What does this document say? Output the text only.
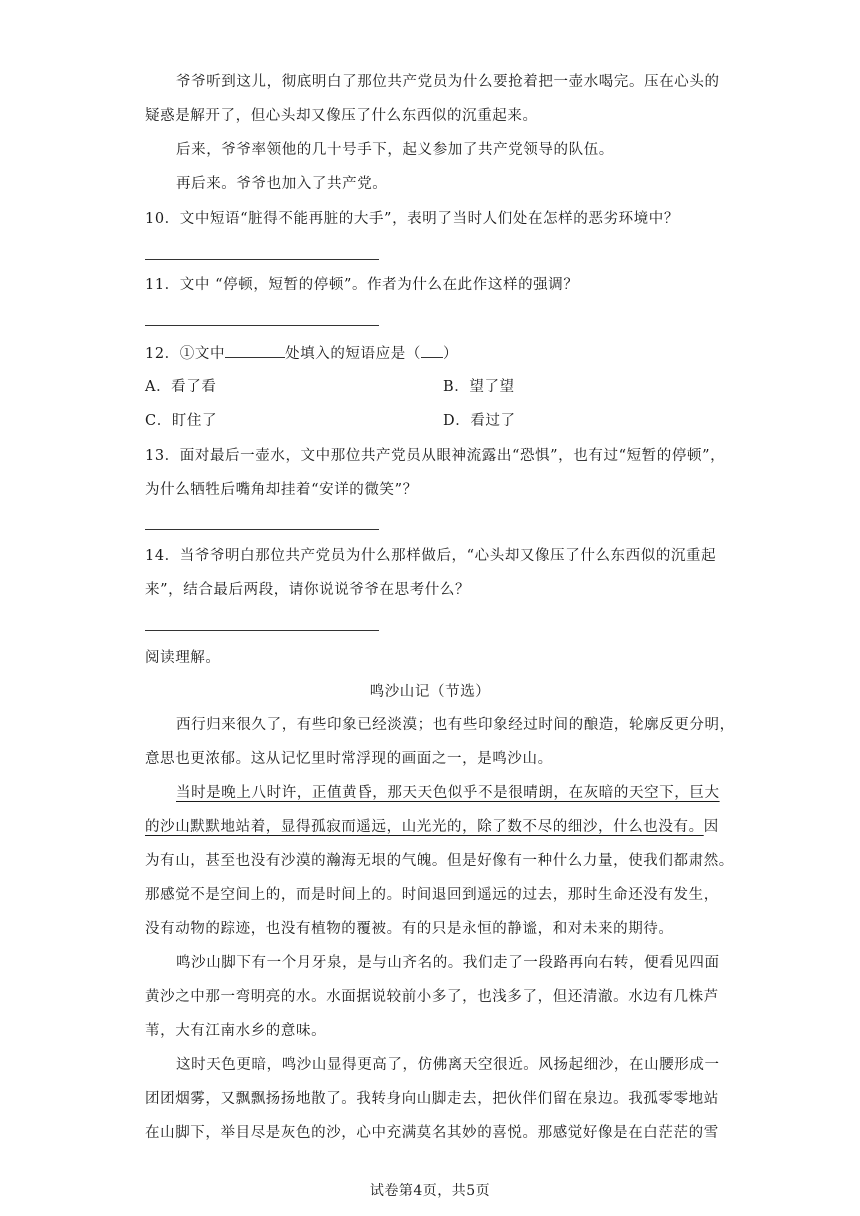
爷爷听到这儿，彻底明白了那位共产党员为什么要抢着把一壶水喝完。压在心头的
疑惑是解开了，但心头却又像压了什么东西似的沉重起来。
后来，爷爷率领他的几十号手下，起义参加了共产党领导的队伍。
再后来。爷爷也加入了共产党。
10．文中短语“脏得不能再脏的大手”，表明了当时人们处在怎样的恶劣环境中？
11．文中 “停顿，短暂的停顿”。作者为什么在此作这样的强调？
12．①文中	处填入的短语应是（ ）
A．看了看	B．望了望
C．盯住了	D．看过了
13．面对最后一壶水，文中那位共产党员从眼神流露出“恐惧”，也有过“短暂的停顿”，
为什么牺牲后嘴角却挂着“安详的微笑”？
14．当爷爷明白那位共产党员为什么那样做后，“心头却又像压了什么东西似的沉重起
来”，结合最后两段，请你说说爷爷在思考什么？
阅读理解。
鸣沙山记（节选）
西行归来很久了，有些印象已经淡漠；也有些印象经过时间的酿造，轮廓反更分明，
意思也更浓郁。这从记忆里时常浮现的画面之一，是鸣沙山。
当时是晚上八时许，正值黄昏，那天天色似乎不是很晴朗，在灰暗的天空下，巨大
的沙山默默地站着，显得孤寂而遥远，山光光的，除了数不尽的细沙，什么也没有。因
为有山，甚至也没有沙漠的瀚海无垠的气魄。但是好像有一种什么力量，使我们都肃然。
那感觉不是空间上的，而是时间上的。时间退回到遥远的过去，那时生命还没有发生，
没有动物的踪迹，也没有植物的覆被。有的只是永恒的静谧，和对未来的期待。
鸣沙山脚下有一个月牙泉，是与山齐名的。我们走了一段路再向右转，便看见四面
黄沙之中那一弯明亮的水。水面据说较前小多了，也浅多了，但还清澈。水边有几株芦
苇，大有江南水乡的意味。
这时天色更暗，鸣沙山显得更高了，仿佛离天空很近。风扬起细沙，在山腰形成一
团团烟雾，又飘飘扬扬地散了。我转身向山脚走去，把伙伴们留在泉边。我孤零零地站
在山脚下，举目尽是灰色的沙，心中充满莫名其妙的喜悦。那感觉好像是在白茫茫的雪
试卷第4页，共5页
